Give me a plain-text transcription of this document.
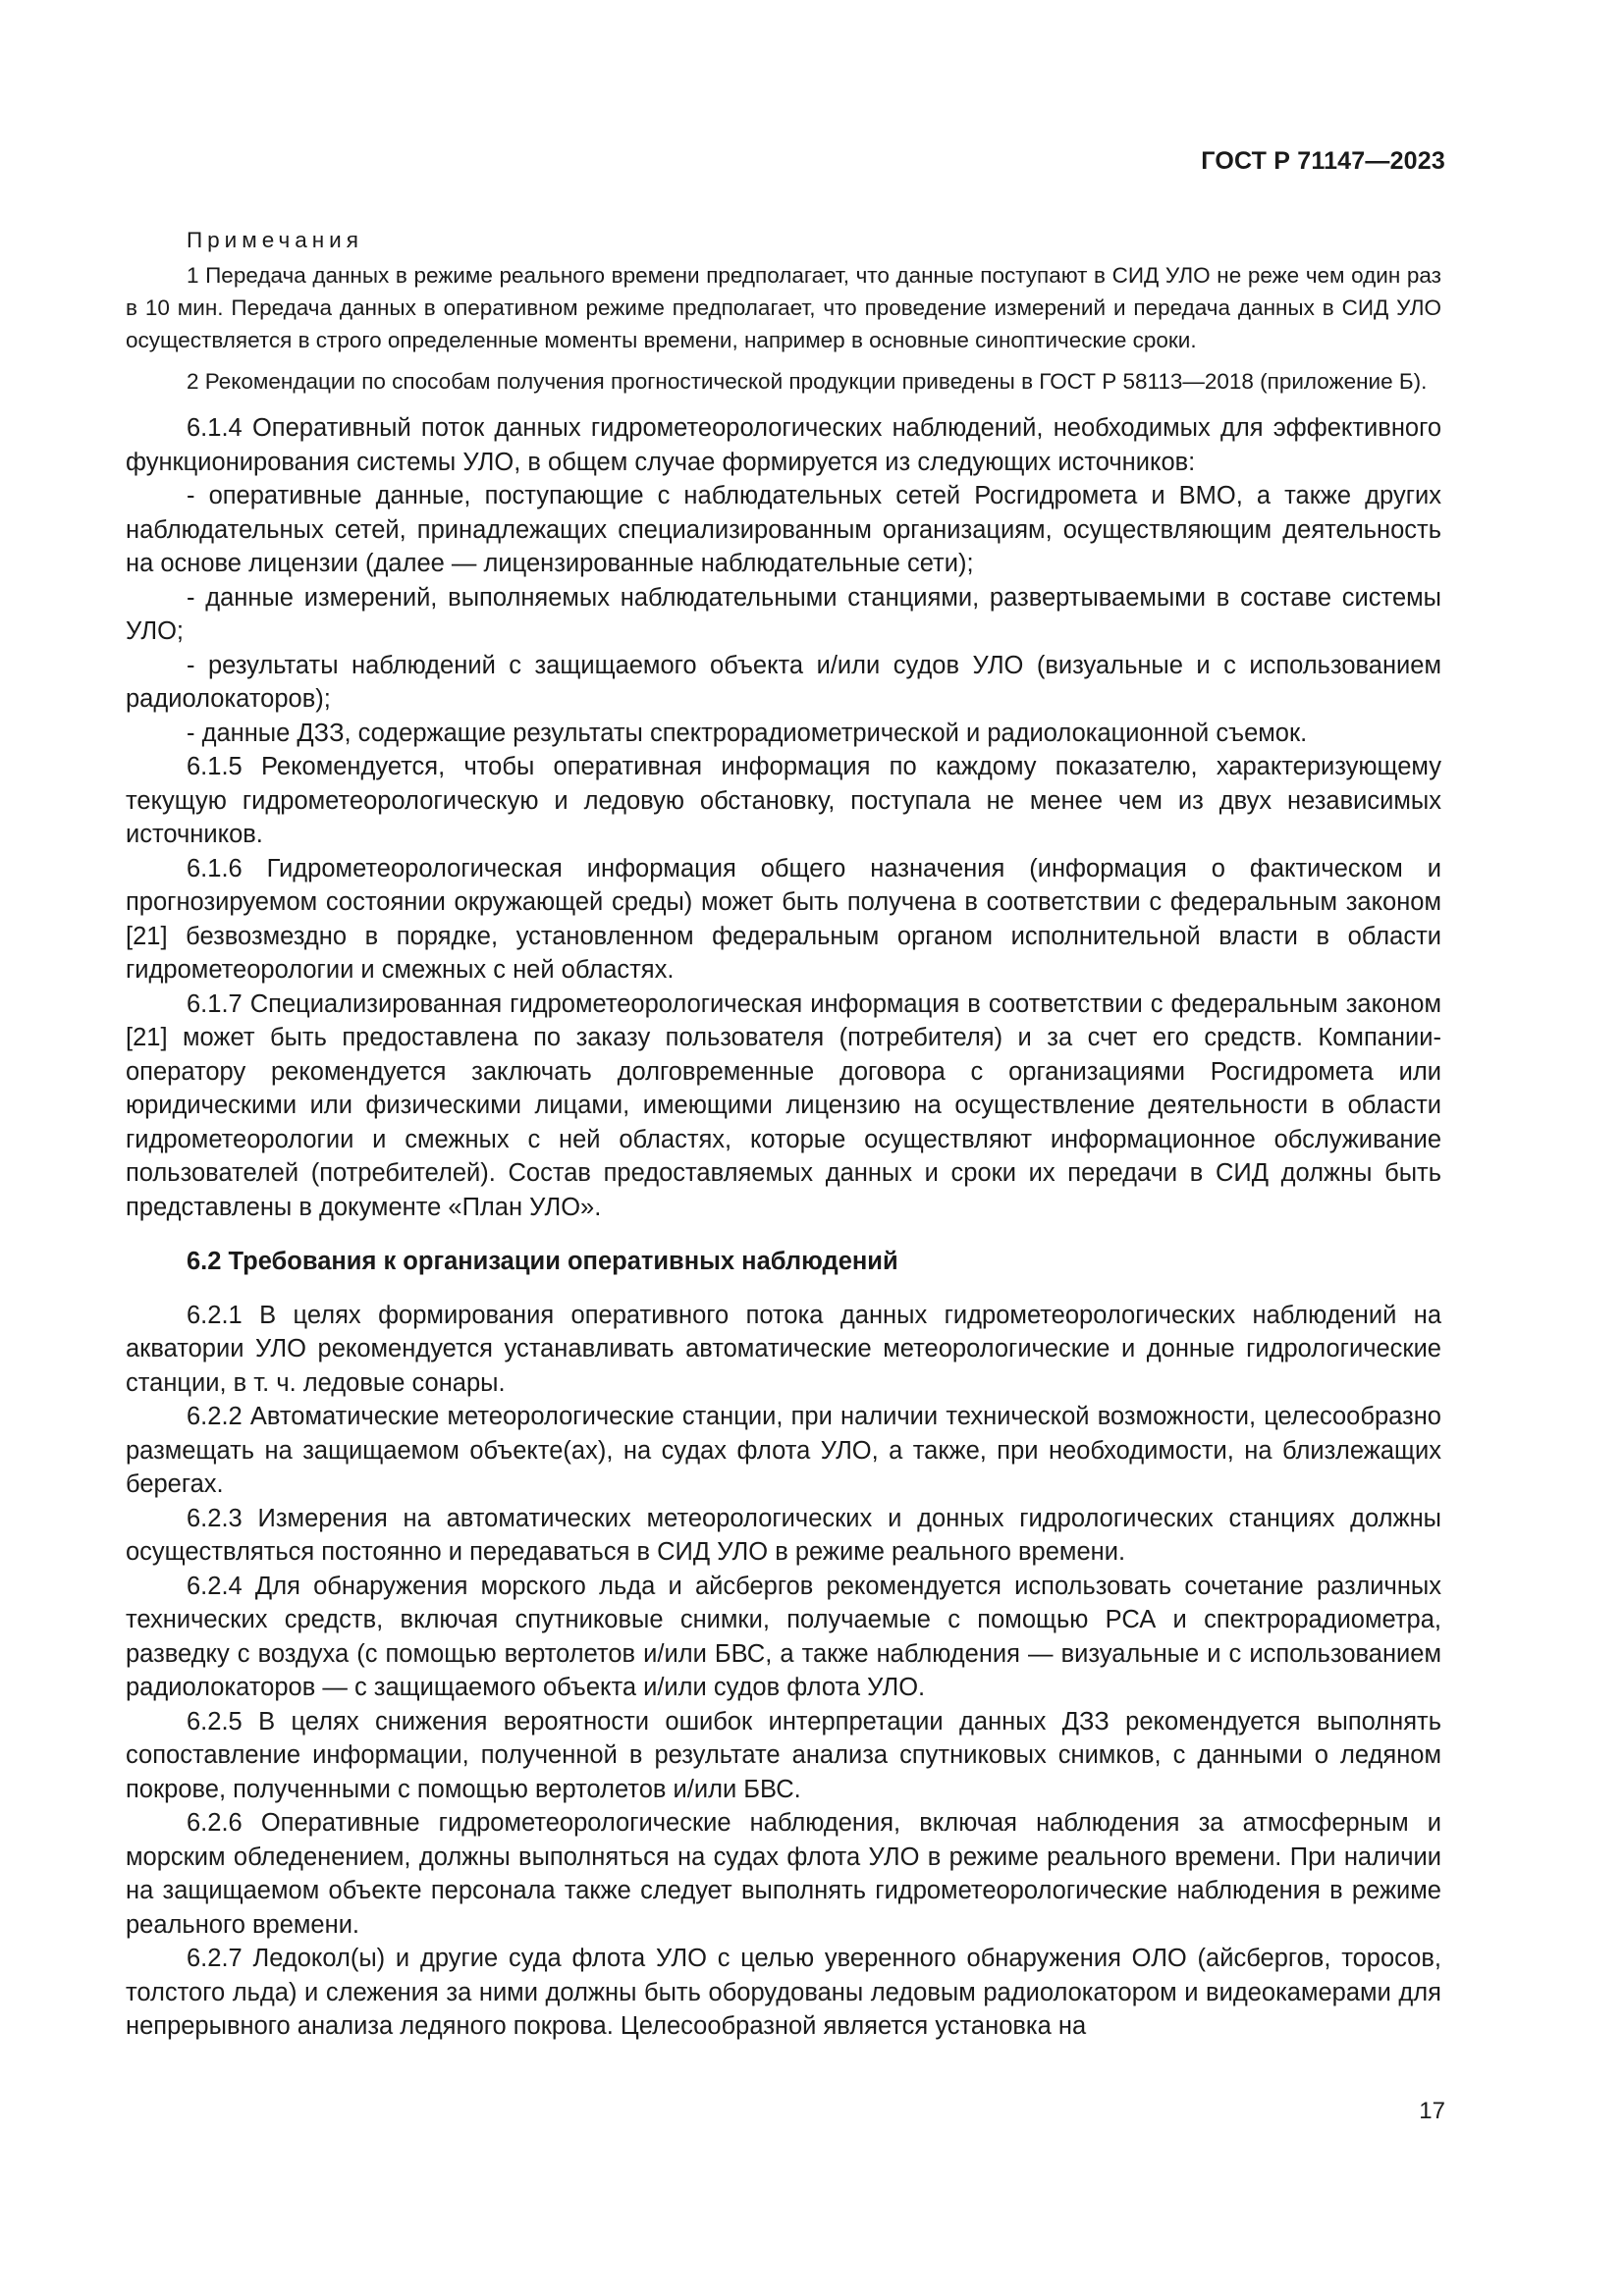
ГОСТ Р 71147—2023

Примечания

1 Передача данных в режиме реального времени предполагает, что данные поступают в СИД УЛО не реже чем один раз в 10 мин. Передача данных в оперативном режиме предполагает, что проведение измерений и передача данных в СИД УЛО осуществляется в строго определенные моменты времени, например в основные синоптические сроки.

2 Рекомендации по способам получения прогностической продукции приведены в ГОСТ Р 58113—2018 (приложение Б).

6.1.4 Оперативный поток данных гидрометеорологических наблюдений, необходимых для эффективного функционирования системы УЛО, в общем случае формируется из следующих источников:

- оперативные данные, поступающие с наблюдательных сетей Росгидромета и ВМО, а также других наблюдательных сетей, принадлежащих специализированным организациям, осуществляющим деятельность на основе лицензии (далее — лицензированные наблюдательные сети);

- данные измерений, выполняемых наблюдательными станциями, развертываемыми в составе системы УЛО;

- результаты наблюдений с защищаемого объекта и/или судов УЛО (визуальные и с использованием радиолокаторов);

- данные ДЗЗ, содержащие результаты спектрорадиометрической и радиолокационной съемок.

6.1.5 Рекомендуется, чтобы оперативная информация по каждому показателю, характеризующему текущую гидрометеорологическую и ледовую обстановку, поступала не менее чем из двух независимых источников.

6.1.6 Гидрометеорологическая информация общего назначения (информация о фактическом и прогнозируемом состоянии окружающей среды) может быть получена в соответствии с федеральным законом [21] безвозмездно в порядке, установленном федеральным органом исполнительной власти в области гидрометеорологии и смежных с ней областях.

6.1.7 Специализированная гидрометеорологическая информация в соответствии с федеральным законом [21] может быть предоставлена по заказу пользователя (потребителя) и за счет его средств. Компании-оператору рекомендуется заключать долговременные договора с организациями Росгидромета или юридическими или физическими лицами, имеющими лицензию на осуществление деятельности в области гидрометеорологии и смежных с ней областях, которые осуществляют информационное обслуживание пользователей (потребителей). Состав предоставляемых данных и сроки их передачи в СИД должны быть представлены в документе «План УЛО».

6.2 Требования к организации оперативных наблюдений

6.2.1 В целях формирования оперативного потока данных гидрометеорологических наблюдений на акватории УЛО рекомендуется устанавливать автоматические метеорологические и донные гидрологические станции, в т. ч. ледовые сонары.

6.2.2 Автоматические метеорологические станции, при наличии технической возможности, целесообразно размещать на защищаемом объекте(ах), на судах флота УЛО, а также, при необходимости, на близлежащих берегах.

6.2.3 Измерения на автоматических метеорологических и донных гидрологических станциях должны осуществляться постоянно и передаваться в СИД УЛО в режиме реального времени.

6.2.4 Для обнаружения морского льда и айсбергов рекомендуется использовать сочетание различных технических средств, включая спутниковые снимки, получаемые с помощью РСА и спектрорадиометра, разведку с воздуха (с помощью вертолетов и/или БВС, а также наблюдения — визуальные и с использованием радиолокаторов — с защищаемого объекта и/или судов флота УЛО.

6.2.5 В целях снижения вероятности ошибок интерпретации данных ДЗЗ рекомендуется выполнять сопоставление информации, полученной в результате анализа спутниковых снимков, с данными о ледяном покрове, полученными с помощью вертолетов и/или БВС.

6.2.6 Оперативные гидрометеорологические наблюдения, включая наблюдения за атмосферным и морским обледенением, должны выполняться на судах флота УЛО в режиме реального времени. При наличии на защищаемом объекте персонала также следует выполнять гидрометеорологические наблюдения в режиме реального времени.

6.2.7 Ледокол(ы) и другие суда флота УЛО с целью уверенного обнаружения ОЛО (айсбергов, торосов, толстого льда) и слежения за ними должны быть оборудованы ледовым радиолокатором и видеокамерами для непрерывного анализа ледяного покрова. Целесообразной является установка на

17
